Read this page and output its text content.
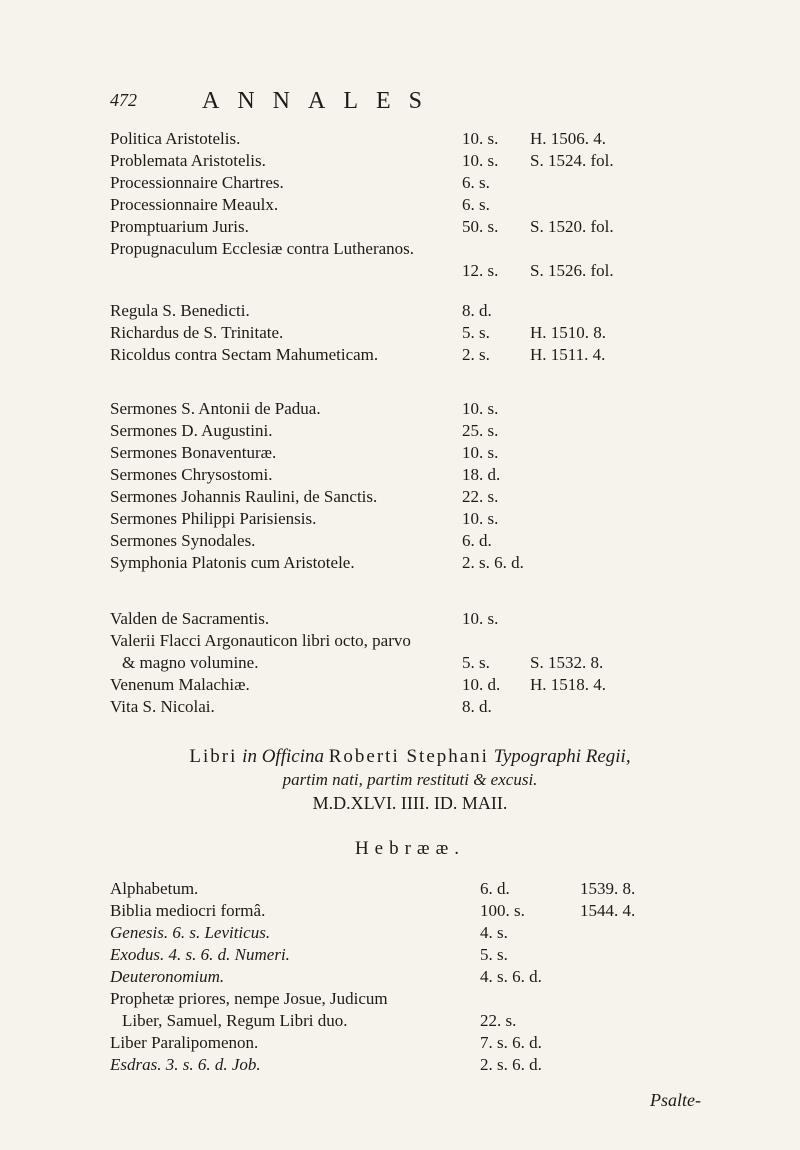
472	ANNALES
Politica Aristotelis.	10. s. H. 1506. 4.
Problemata Aristotelis.	10. s. S. 1524. fol.
Processionnaire Chartres.	6. s.
Processionnaire Meaulx.	6. s.
Promptuarium Juris.	50. s. S. 1520. fol.
Propugnaculum Ecclesiæ contra Lutheranos.
12. s. S. 1526. fol.
Regula S. Benedicti.	8. d.
Richardus de S. Trinitate.	5. s. H. 1510. 8.
Ricoldus contra Sectam Mahumeticam.	2. s. H. 1511. 4.
Sermones S. Antonii de Padua.	10. s.
Sermones D. Augustini.	25. s.
Sermones Bonaventuræ.	10. s.
Sermones Chrysostomi.	18. d.
Sermones Johannis Raulini, de Sanctis.	22. s.
Sermones Philippi Parisiensis.	10. s.
Sermones Synodales.	6. d.
Symphonia Platonis cum Aristotele.	2. s. 6. d.
Valden de Sacramentis.	10. s.
Valerii Flacci Argonauticon libri octo, parvo
& magno volumine.	5. s. S. 1532. 8.
Venenum Malachiæ.	10. d. H. 1518. 4.
Vita S. Nicolai.	8. d.
Libri in Officina Roberti Stephani Typographi Regii,
partim nati, partim restituti & excusi.
M.D.XLVI. IIII. ID. MAII.
Hebrææ.
Alphabetum.	6. d.	1539. 8.
Biblia mediocri formâ.	100. s.	1544. 4.
Genesis. 6. s. Leviticus.	4. s.
Exodus. 4. s. 6. d. Numeri.	5. s.
Deuteronomium.	4. s. 6. d.
Prophetæ priores, nempe Josue, Judicum
Liber, Samuel, Regum Libri duo.	22. s.
Liber Paralipomenon.	7. s. 6. d.
Esdras. 3. s. 6. d. Job.	2. s. 6. d.
Psalte-
